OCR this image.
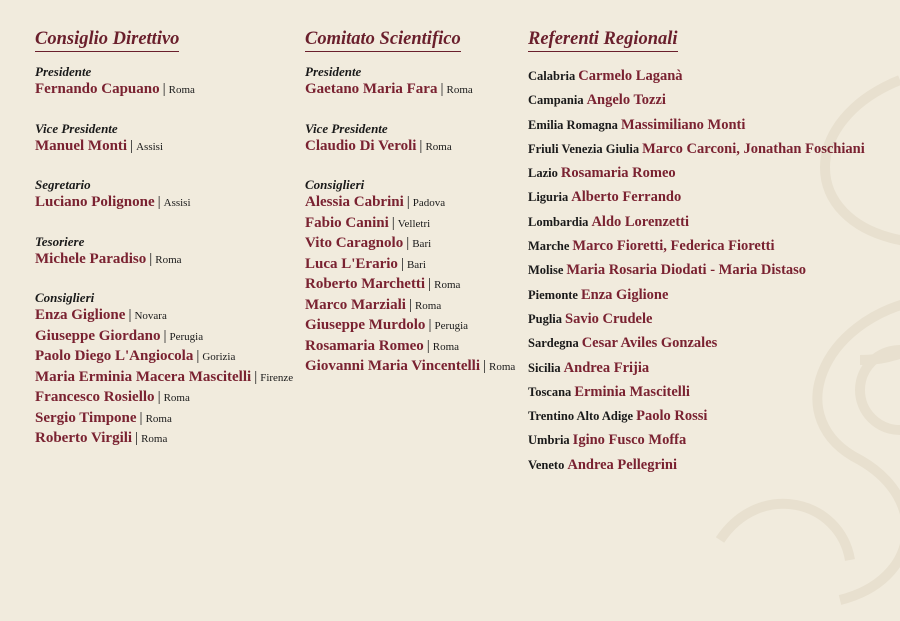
Consiglio Direttivo
Presidente
Fernando Capuano | Roma
Vice Presidente
Manuel Monti | Assisi
Segretario
Luciano Polignone | Assisi
Tesoriere
Michele Paradiso | Roma
Consiglieri
Enza Giglione | Novara
Giuseppe Giordano | Perugia
Paolo Diego L'Angiocola | Gorizia
Maria Erminia Macera Mascitelli | Firenze
Francesco Rosiello | Roma
Sergio Timpone | Roma
Roberto Virgili | Roma
Comitato Scientifico
Presidente
Gaetano Maria Fara | Roma
Vice Presidente
Claudio Di Veroli | Roma
Consiglieri
Alessia Cabrini | Padova
Fabio Canini | Velletri
Vito Caragnolo | Bari
Luca L'Erario | Bari
Roberto Marchetti | Roma
Marco Marziali | Roma
Giuseppe Murdolo | Perugia
Rosamaria Romeo | Roma
Giovanni Maria Vincentelli | Roma
Referenti Regionali
Calabria Carmelo Laganà
Campania Angelo Tozzi
Emilia Romagna Massimiliano Monti
Friuli Venezia Giulia Marco Carconi, Jonathan Foschiani
Lazio Rosamaria Romeo
Liguria Alberto Ferrando
Lombardia Aldo Lorenzetti
Marche Marco Fioretti, Federica Fioretti
Molise Maria Rosaria Diodati - Maria Distaso
Piemonte Enza Giglione
Puglia Savio Crudele
Sardegna Cesar Aviles Gonzales
Sicilia Andrea Frijia
Toscana Erminia Mascitelli
Trentino Alto Adige Paolo Rossi
Umbria Igino Fusco Moffa
Veneto Andrea Pellegrini
